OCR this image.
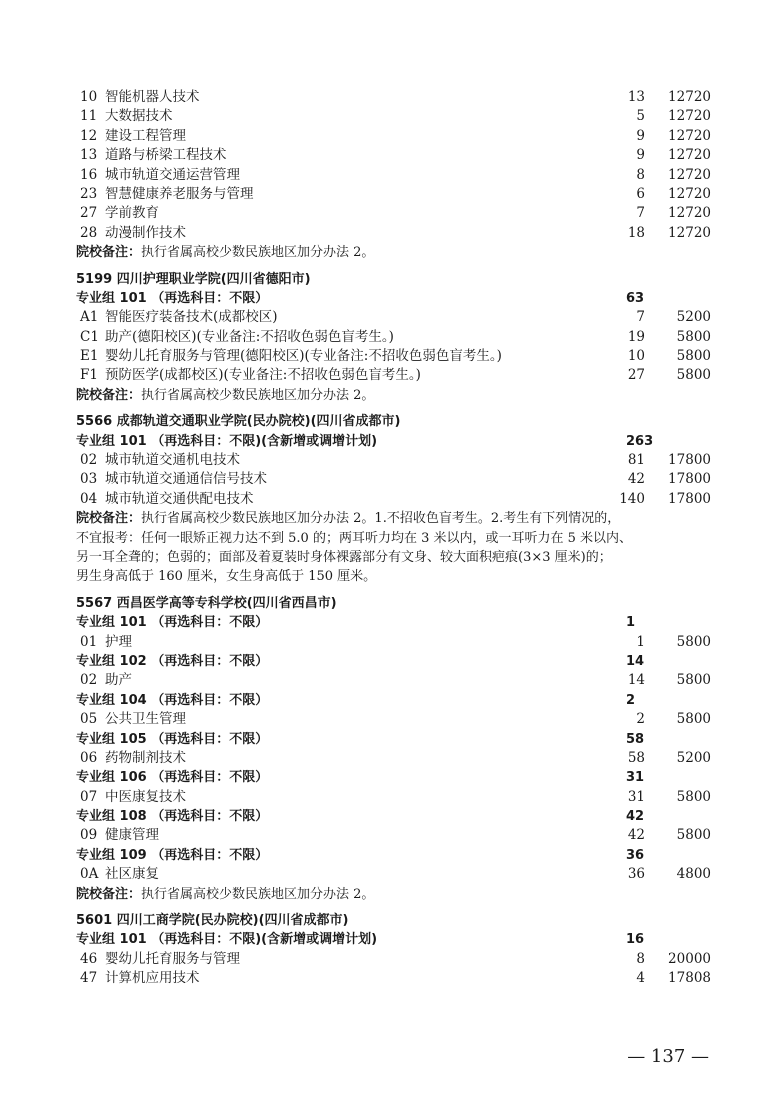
10 智能机器人技术	13 12720
11 大数据技术	5 12720
12 建设工程管理	9 12720
13 道路与桥梁工程技术	9 12720
16 城市轨道交通运营管理	8 12720
23 智慧健康养老服务与管理	6 12720
27 学前教育	7 12720
28 动漫制作技术	18 12720
院校备注：执行省属高校少数民族地区加分办法 2。
5199 四川护理职业学院(四川省德阳市)
专业组 101 （再选科目：不限）	63
A1 智能医疗装备技术(成都校区)	7 5200
C1 助产(德阳校区)(专业备注:不招收色弱色盲考生。)	19 5800
E1 婴幼儿托育服务与管理(德阳校区)(专业备注:不招收色弱色盲考生。)	10 5800
F1 预防医学(成都校区)(专业备注:不招收色弱色盲考生。)	27 5800
院校备注：执行省属高校少数民族地区加分办法 2。
5566 成都轨道交通职业学院(民办院校)(四川省成都市)
专业组 101 （再选科目：不限)(含新增或调增计划)	263
02 城市轨道交通机电技术	81 17800
03 城市轨道交通通信信号技术	42 17800
04 城市轨道交通供配电技术	140 17800
院校备注：执行省属高校少数民族地区加分办法 2。1.不招收色盲考生。2.考生有下列情况的，
不宜报考：任何一眼矫正视力达不到 5.0 的；两耳听力均在 3 米以内，或一耳听力在 5 米以内、
另一耳全聋的；色弱的；面部及着夏装时身体裸露部分有文身、较大面积疤痕(3×3 厘米)的；
男生身高低于 160 厘米，女生身高低于 150 厘米。
5567 西昌医学高等专科学校(四川省西昌市)
专业组 101 （再选科目：不限）	1
01 护理	1 5800
专业组 102 （再选科目：不限）	14
02 助产	14 5800
专业组 104 （再选科目：不限）	2
05 公共卫生管理	2 5800
专业组 105 （再选科目：不限）	58
06 药物制剂技术	58 5200
专业组 106 （再选科目：不限）	31
07 中医康复技术	31 5800
专业组 108 （再选科目：不限）	42
09 健康管理	42 5800
专业组 109 （再选科目：不限）	36
0A 社区康复	36 4800
院校备注：执行省属高校少数民族地区加分办法 2。
5601 四川工商学院(民办院校)(四川省成都市)
专业组 101 （再选科目：不限)(含新增或调增计划)	16
46 婴幼儿托育服务与管理	8 20000
47 计算机应用技术	4 17808
— 137 —
